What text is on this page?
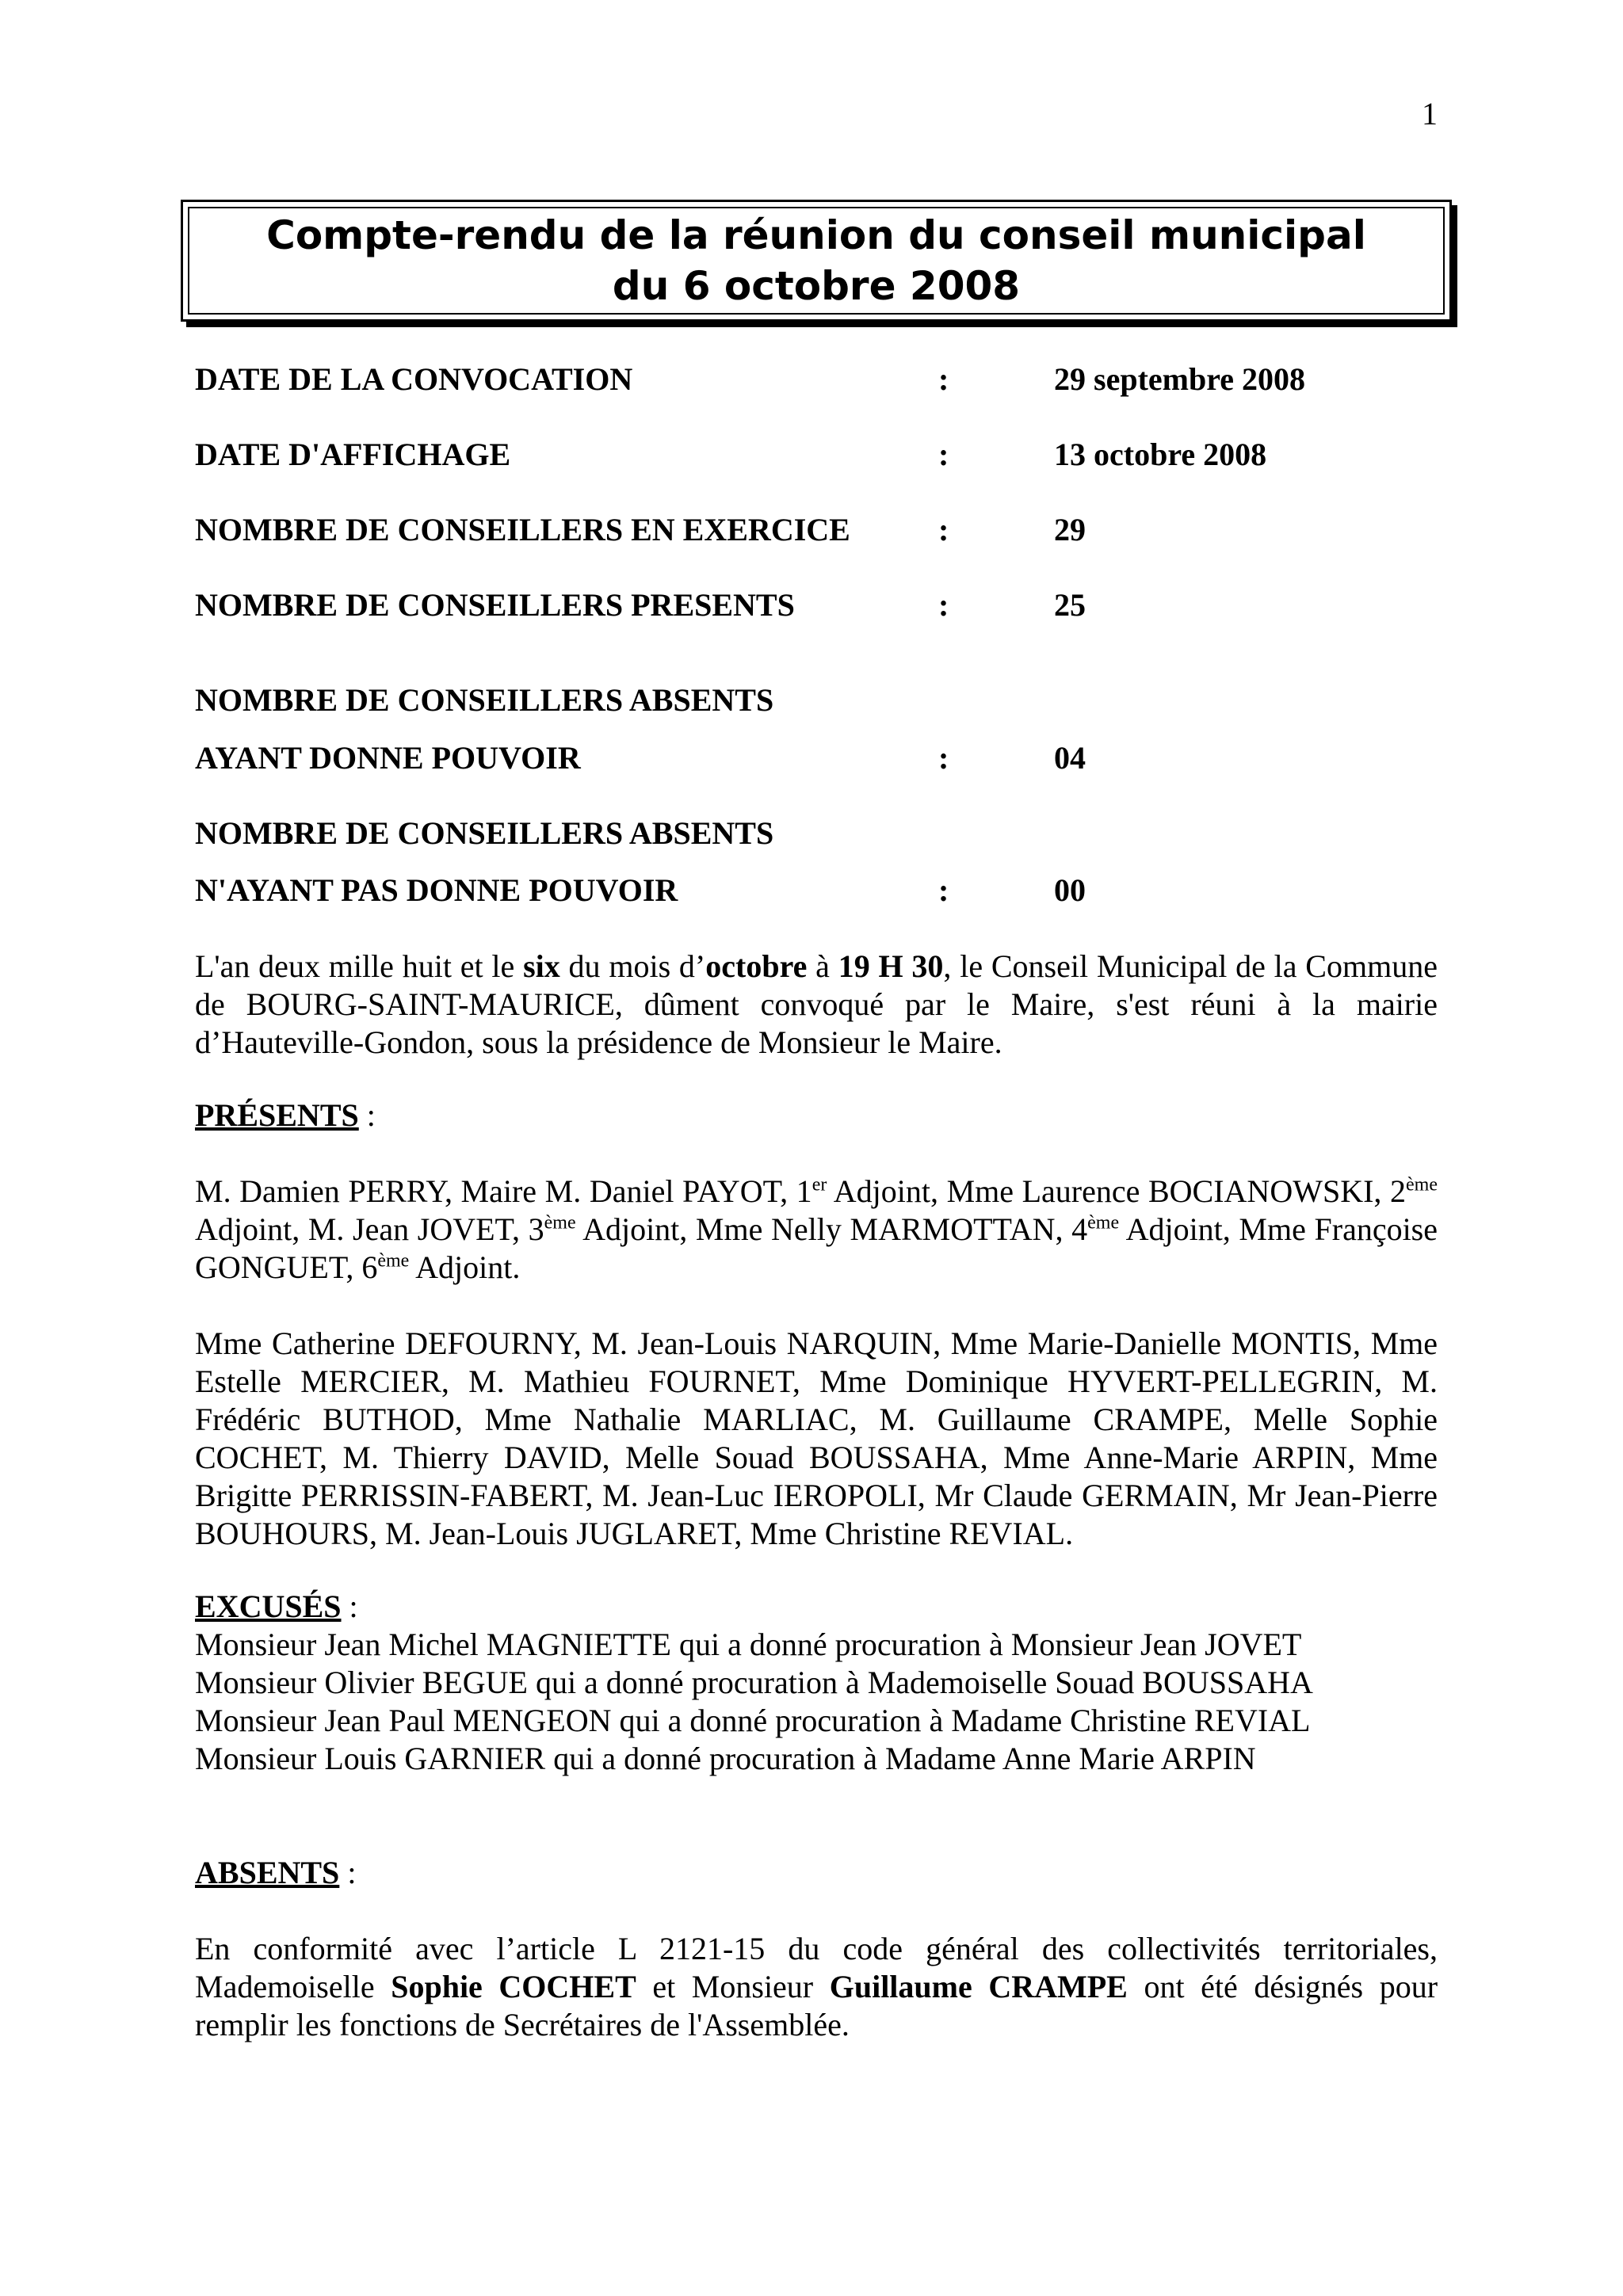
1
Compte-rendu de la réunion du conseil municipal
du 6 octobre 2008
DATE DE LA CONVOCATION	:	29 septembre 2008
DATE D'AFFICHAGE	:	13 octobre 2008
NOMBRE DE CONSEILLERS EN EXERCICE	:	29
NOMBRE DE CONSEILLERS PRESENTS	:	25
NOMBRE DE CONSEILLERS ABSENTS
AYANT DONNE POUVOIR	:	04
NOMBRE DE CONSEILLERS ABSENTS
N'AYANT PAS DONNE POUVOIR	:	00

L'an deux mille huit et le six du mois d’octobre à 19 H 30, le Conseil Municipal de la Commune de BOURG-SAINT-MAURICE, dûment convoqué par le Maire, s'est réuni à la mairie d’Hauteville-Gondon, sous la présidence de Monsieur le Maire.

PRÉSENTS :

M. Damien PERRY, Maire M. Daniel PAYOT, 1er Adjoint, Mme Laurence BOCIANOWSKI, 2ème Adjoint, M. Jean JOVET, 3ème Adjoint, Mme Nelly MARMOTTAN, 4ème Adjoint, Mme Françoise GONGUET, 6ème Adjoint.

Mme Catherine DEFOURNY, M. Jean-Louis NARQUIN, Mme Marie-Danielle MONTIS, Mme Estelle MERCIER, M. Mathieu FOURNET, Mme Dominique HYVERT-PELLEGRIN, M. Frédéric BUTHOD, Mme Nathalie MARLIAC, M. Guillaume CRAMPE, Melle Sophie COCHET, M. Thierry DAVID, Melle Souad BOUSSAHA, Mme Anne-Marie ARPIN, Mme Brigitte PERRISSIN-FABERT, M. Jean-Luc IEROPOLI, Mr Claude GERMAIN, Mr Jean-Pierre BOUHOURS, M. Jean-Louis JUGLARET, Mme Christine REVIAL.

EXCUSÉS :

Monsieur Jean Michel MAGNIETTE qui a donné procuration à Monsieur Jean JOVET
Monsieur Olivier BEGUE qui a donné procuration à Mademoiselle Souad BOUSSAHA
Monsieur Jean Paul MENGEON qui a donné procuration à Madame Christine REVIAL
Monsieur Louis GARNIER qui a donné procuration à Madame Anne Marie ARPIN

ABSENTS :

En conformité avec l’article L 2121-15 du code général des collectivités territoriales, Mademoiselle Sophie COCHET et Monsieur Guillaume CRAMPE ont été désignés pour remplir les fonctions de Secrétaires de l'Assemblée.
